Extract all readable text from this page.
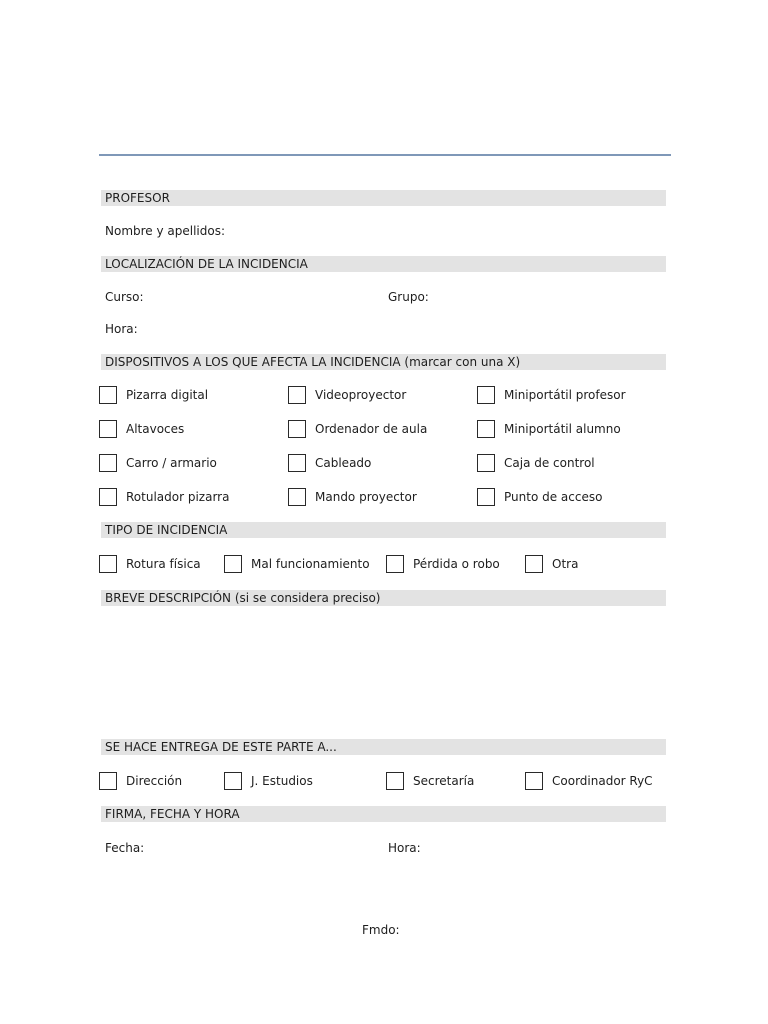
PROFESOR
Nombre y apellidos:
LOCALIZACIÓN DE LA INCIDENCIA
Curso:	Grupo:
Hora:
DISPOSITIVOS A LOS QUE AFECTA LA INCIDENCIA (marcar con una X)
Pizarra digital	Videoproyector	Miniportátil profesor
Altavoces	Ordenador de aula	Miniportátil alumno
Carro / armario	Cableado	Caja de control
Rotulador pizarra	Mando proyector	Punto de acceso
TIPO DE INCIDENCIA
Rotura física	Mal funcionamiento	Pérdida o robo	Otra
BREVE DESCRIPCIÓN (si se considera preciso)
SE HACE ENTREGA DE ESTE PARTE A...
Dirección	J. Estudios	Secretaría	Coordinador RyC
FIRMA, FECHA Y HORA
Fecha:	Hora:
Fmdo:
